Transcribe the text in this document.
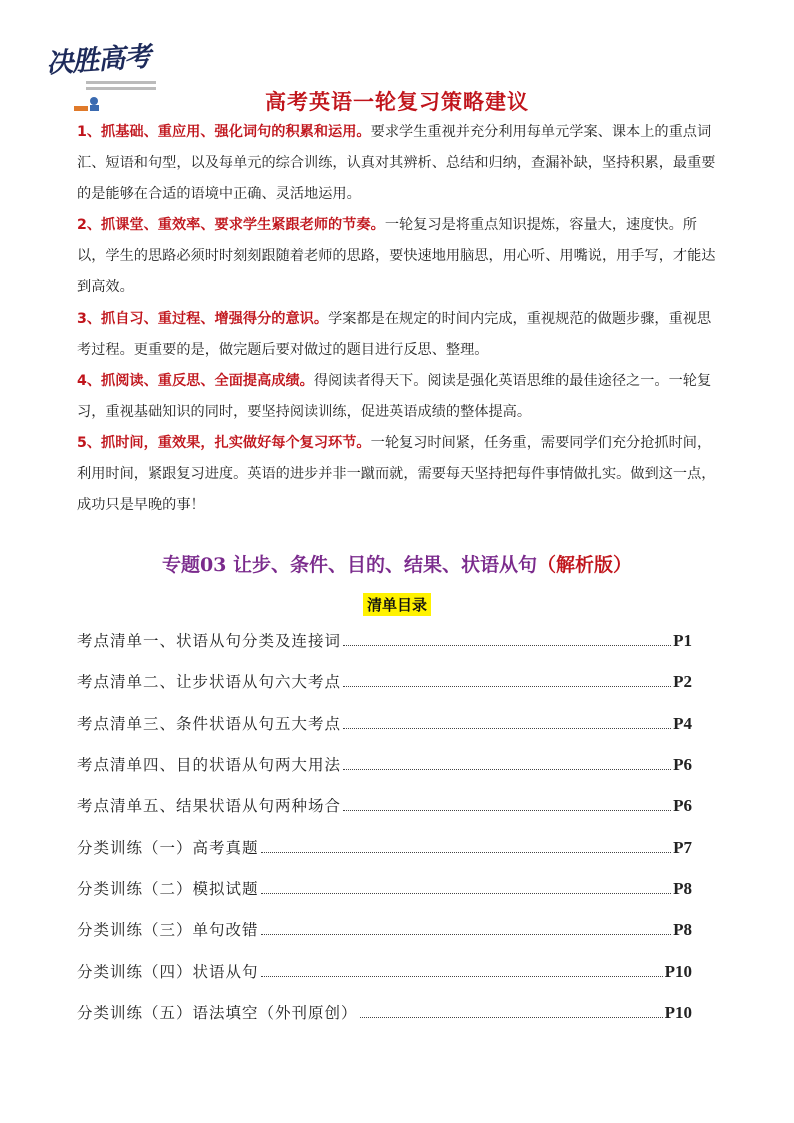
决胜高考
高考英语一轮复习策略建议
1、抓基础、重应用、强化词句的积累和运用。要求学生重视并充分利用每单元学案、课本上的重点词汇、短语和句型，以及每单元的综合训练，认真对其辨析、总结和归纳，查漏补缺，坚持积累，最重要的是能够在合适的语境中正确、灵活地运用。
2、抓课堂、重效率、要求学生紧跟老师的节奏。一轮复习是将重点知识提炼，容量大，速度快。所以，学生的思路必须时时刻刻跟随着老师的思路，要快速地用脑思，用心听、用嘴说，用手写，才能达到高效。
3、抓自习、重过程、增强得分的意识。学案都是在规定的时间内完成，重视规范的做题步骤，重视思考过程。更重要的是，做完题后要对做过的题目进行反思、整理。
4、抓阅读、重反思、全面提高成绩。得阅读者得天下。阅读是强化英语思维的最佳途径之一。一轮复习，重视基础知识的同时，要坚持阅读训练，促进英语成绩的整体提高。
5、抓时间，重效果，扎实做好每个复习环节。一轮复习时间紧，任务重，需要同学们充分抢抓时间，利用时间，紧跟复习进度。英语的进步并非一蹴而就，需要每天坚持把每件事情做扎实。做到这一点，成功只是早晚的事！
专题03 让步、条件、目的、结果、状语从句（解析版）
清单目录
考点清单一、状语从句分类及连接词	P1
考点清单二、让步状语从句六大考点	P2
考点清单三、条件状语从句五大考点	P4
考点清单四、目的状语从句两大用法	P6
考点清单五、结果状语从句两种场合	P6
分类训练（一）高考真题	P7
分类训练（二）模拟试题	P8
分类训练（三）单句改错	P8
分类训练（四）状语从句	P10
分类训练（五）语法填空（外刊原创）	P10
